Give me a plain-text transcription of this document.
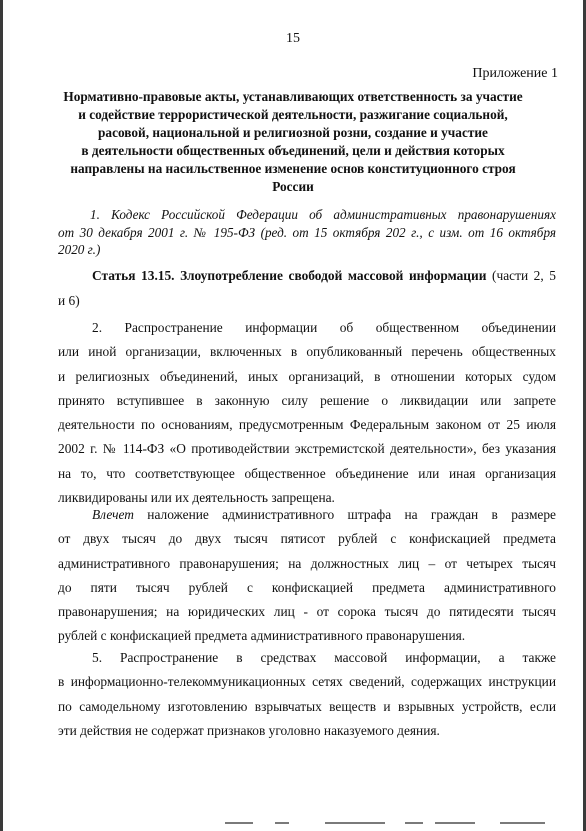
15
Приложение 1
Нормативно-правовые акты, устанавливающих ответственность за участие
и содействие террористической деятельности, разжигание социальной,
расовой, национальной и религиозной розни, создание и участие
в деятельности общественных объединений, цели и действия которых
направлены на насильственное изменение основ конституционного строя
России
1. Кодекс Российской Федерации об административных правонарушениях
от 30 декабря 2001 г. № 195-ФЗ (ред. от 15 октября 202 г., с изм. от 16 октября
2020 г.)
Статья 13.15. Злоупотребление свободой массовой информации (части 2, 5
и 6)
2. Распространение информации об общественном объединении
или иной организации, включенных в опубликованный перечень общественных
и религиозных объединений, иных организаций, в отношении которых судом
принято вступившее в законную силу решение о ликвидации или запрете
деятельности по основаниям, предусмотренным Федеральным законом от 25 июля
2002 г. № 114-ФЗ «О противодействии экстремистской деятельности», без указания
на то, что соответствующее общественное объединение или иная организация
ликвидированы или их деятельность запрещена.
Влечет наложение административного штрафа на граждан в размере
от двух тысяч до двух тысяч пятисот рублей с конфискацией предмета
административного правонарушения; на должностных лиц – от четырех тысяч
до пяти тысяч рублей с конфискацией предмета административного
правонарушения; на юридических лиц - от сорока тысяч до пятидесяти тысяч
рублей с конфискацией предмета административного правонарушения.
5. Распространение в средствах массовой информации, а также
в информационно-телекоммуникационных сетях сведений, содержащих инструкции
по самодельному изготовлению взрывчатых веществ и взрывных устройств, если
эти действия не содержат признаков уголовно наказуемого деяния.
